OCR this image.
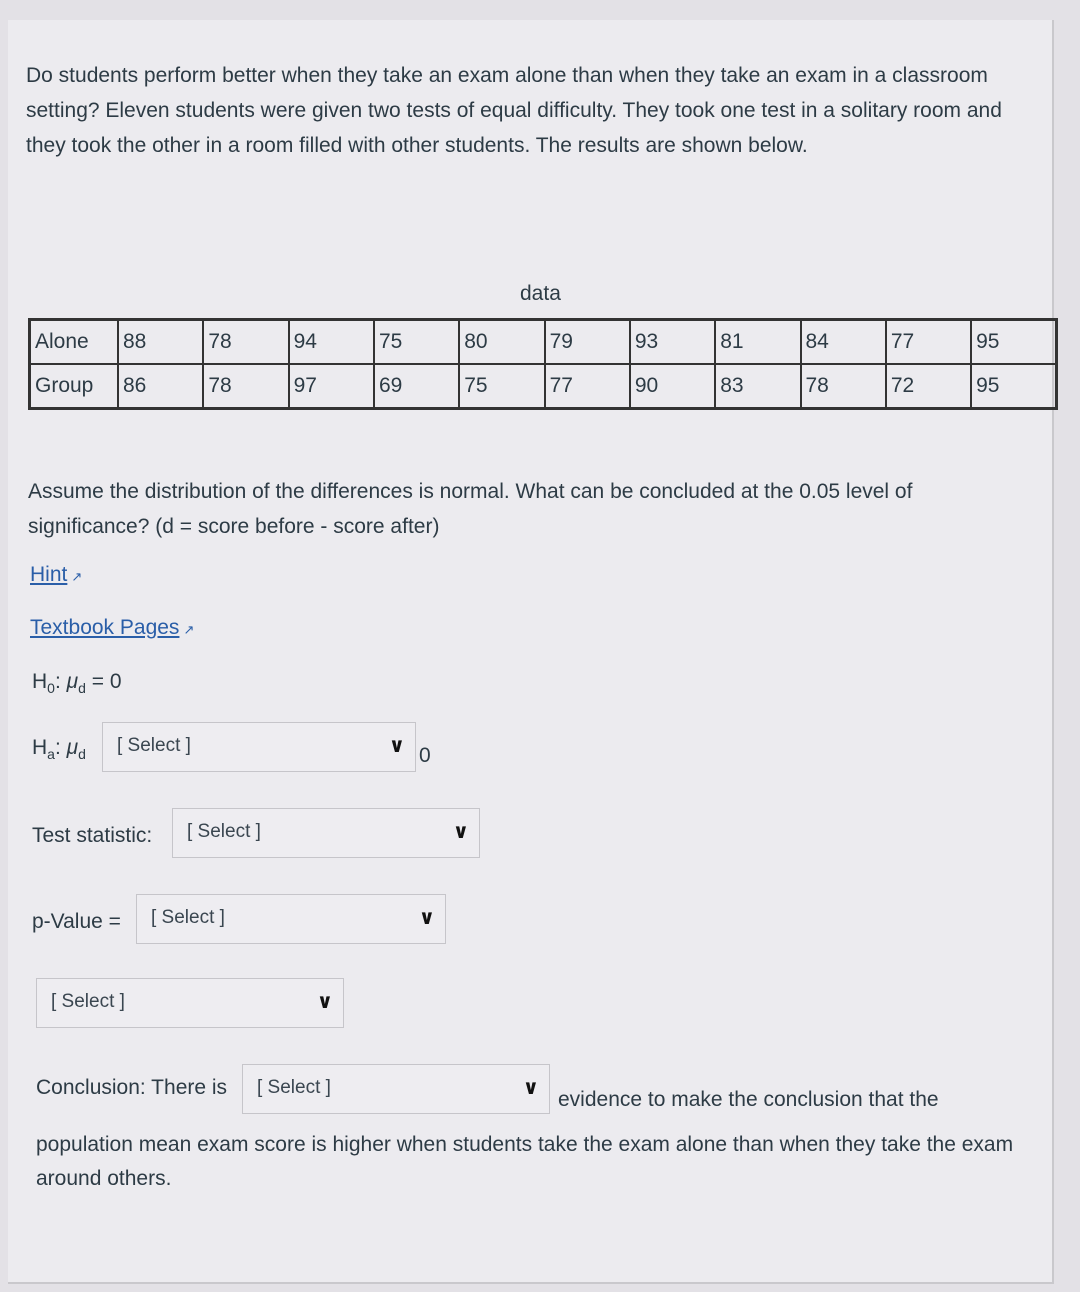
Do students perform better when they take an exam alone than when they take an exam in a classroom setting? Eleven students were given two tests of equal difficulty. They took one test in a solitary room and they took the other in a room filled with other students. The results are shown below.
data
Alone	88	78	94	75	80	79	93	81	84	77	95
Group	86	78	97	69	75	77	90	83	78	72	95
Assume the distribution of the differences is normal. What can be concluded at the 0.05 level of significance? (d = score before - score after)
Hint ↗
Textbook Pages ↗
$H_0$: $\mu_d = 0$
$H_a$: $\mu_d$ [ Select ]	∨ 0
Test statistic: [ Select ]	∨
p-Value = [ Select ]	∨
[ Select ]	∨
Conclusion: There is [ Select ]	∨ evidence to make the conclusion that the
population mean exam score is higher when students take the exam alone than when they take the exam around others.
